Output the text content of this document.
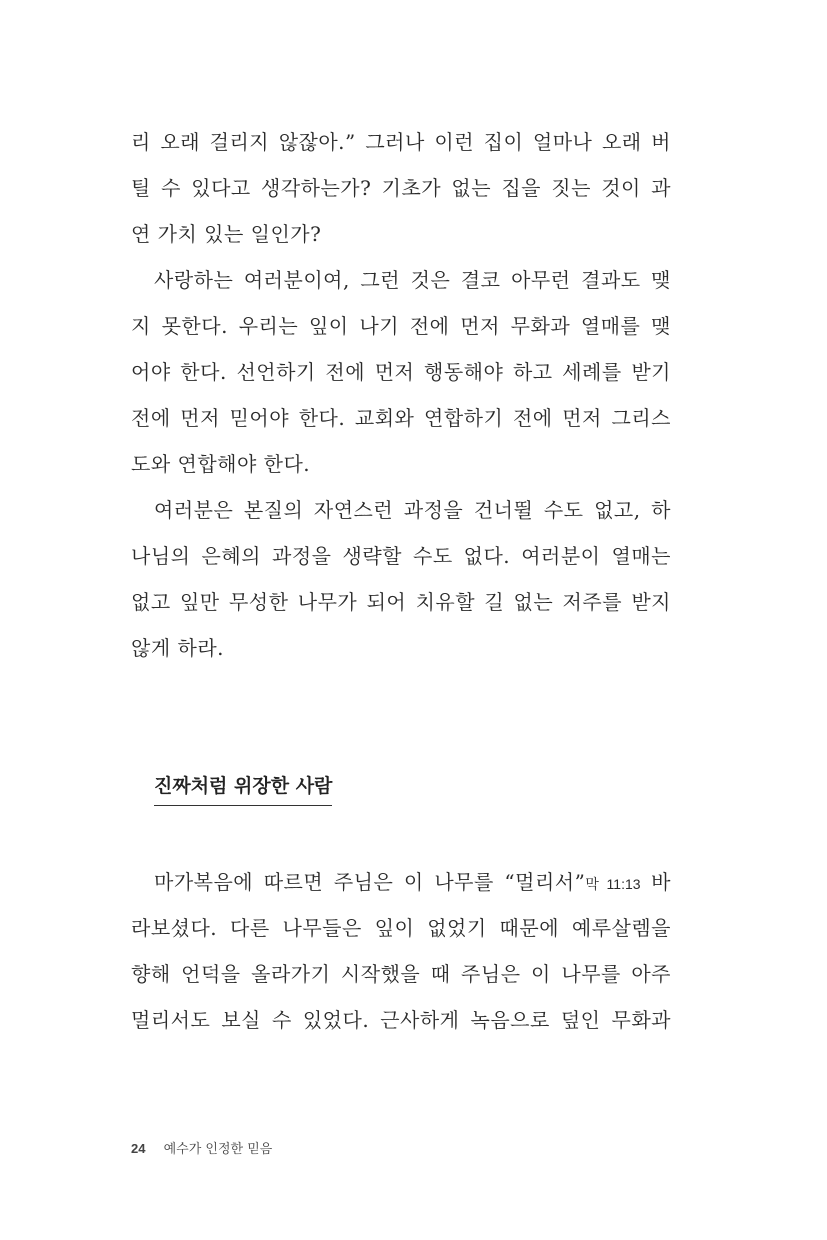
리 오래 걸리지 않잖아.” 그러나 이런 집이 얼마나 오래 버
틸 수 있다고 생각하는가? 기초가 없는 집을 짓는 것이 과
연 가치 있는 일인가?
사랑하는 여러분이여, 그런 것은 결코 아무런 결과도 맺
지 못한다. 우리는 잎이 나기 전에 먼저 무화과 열매를 맺
어야 한다. 선언하기 전에 먼저 행동해야 하고 세례를 받기
전에 먼저 믿어야 한다. 교회와 연합하기 전에 먼저 그리스
도와 연합해야 한다.
여러분은 본질의 자연스런 과정을 건너뛸 수도 없고, 하
나님의 은혜의 과정을 생략할 수도 없다. 여러분이 열매는
없고 잎만 무성한 나무가 되어 치유할 길 없는 저주를 받지
않게 하라.
진짜처럼 위장한 사람
마가복음에 따르면 주님은 이 나무를 “멀리서”막 11:13 바
라보셨다. 다른 나무들은 잎이 없었기 때문에 예루살렘을
향해 언덕을 올라가기 시작했을 때 주님은 이 나무를 아주
멀리서도 보실 수 있었다. 근사하게 녹음으로 덮인 무화과
24 예수가 인정한 믿음
